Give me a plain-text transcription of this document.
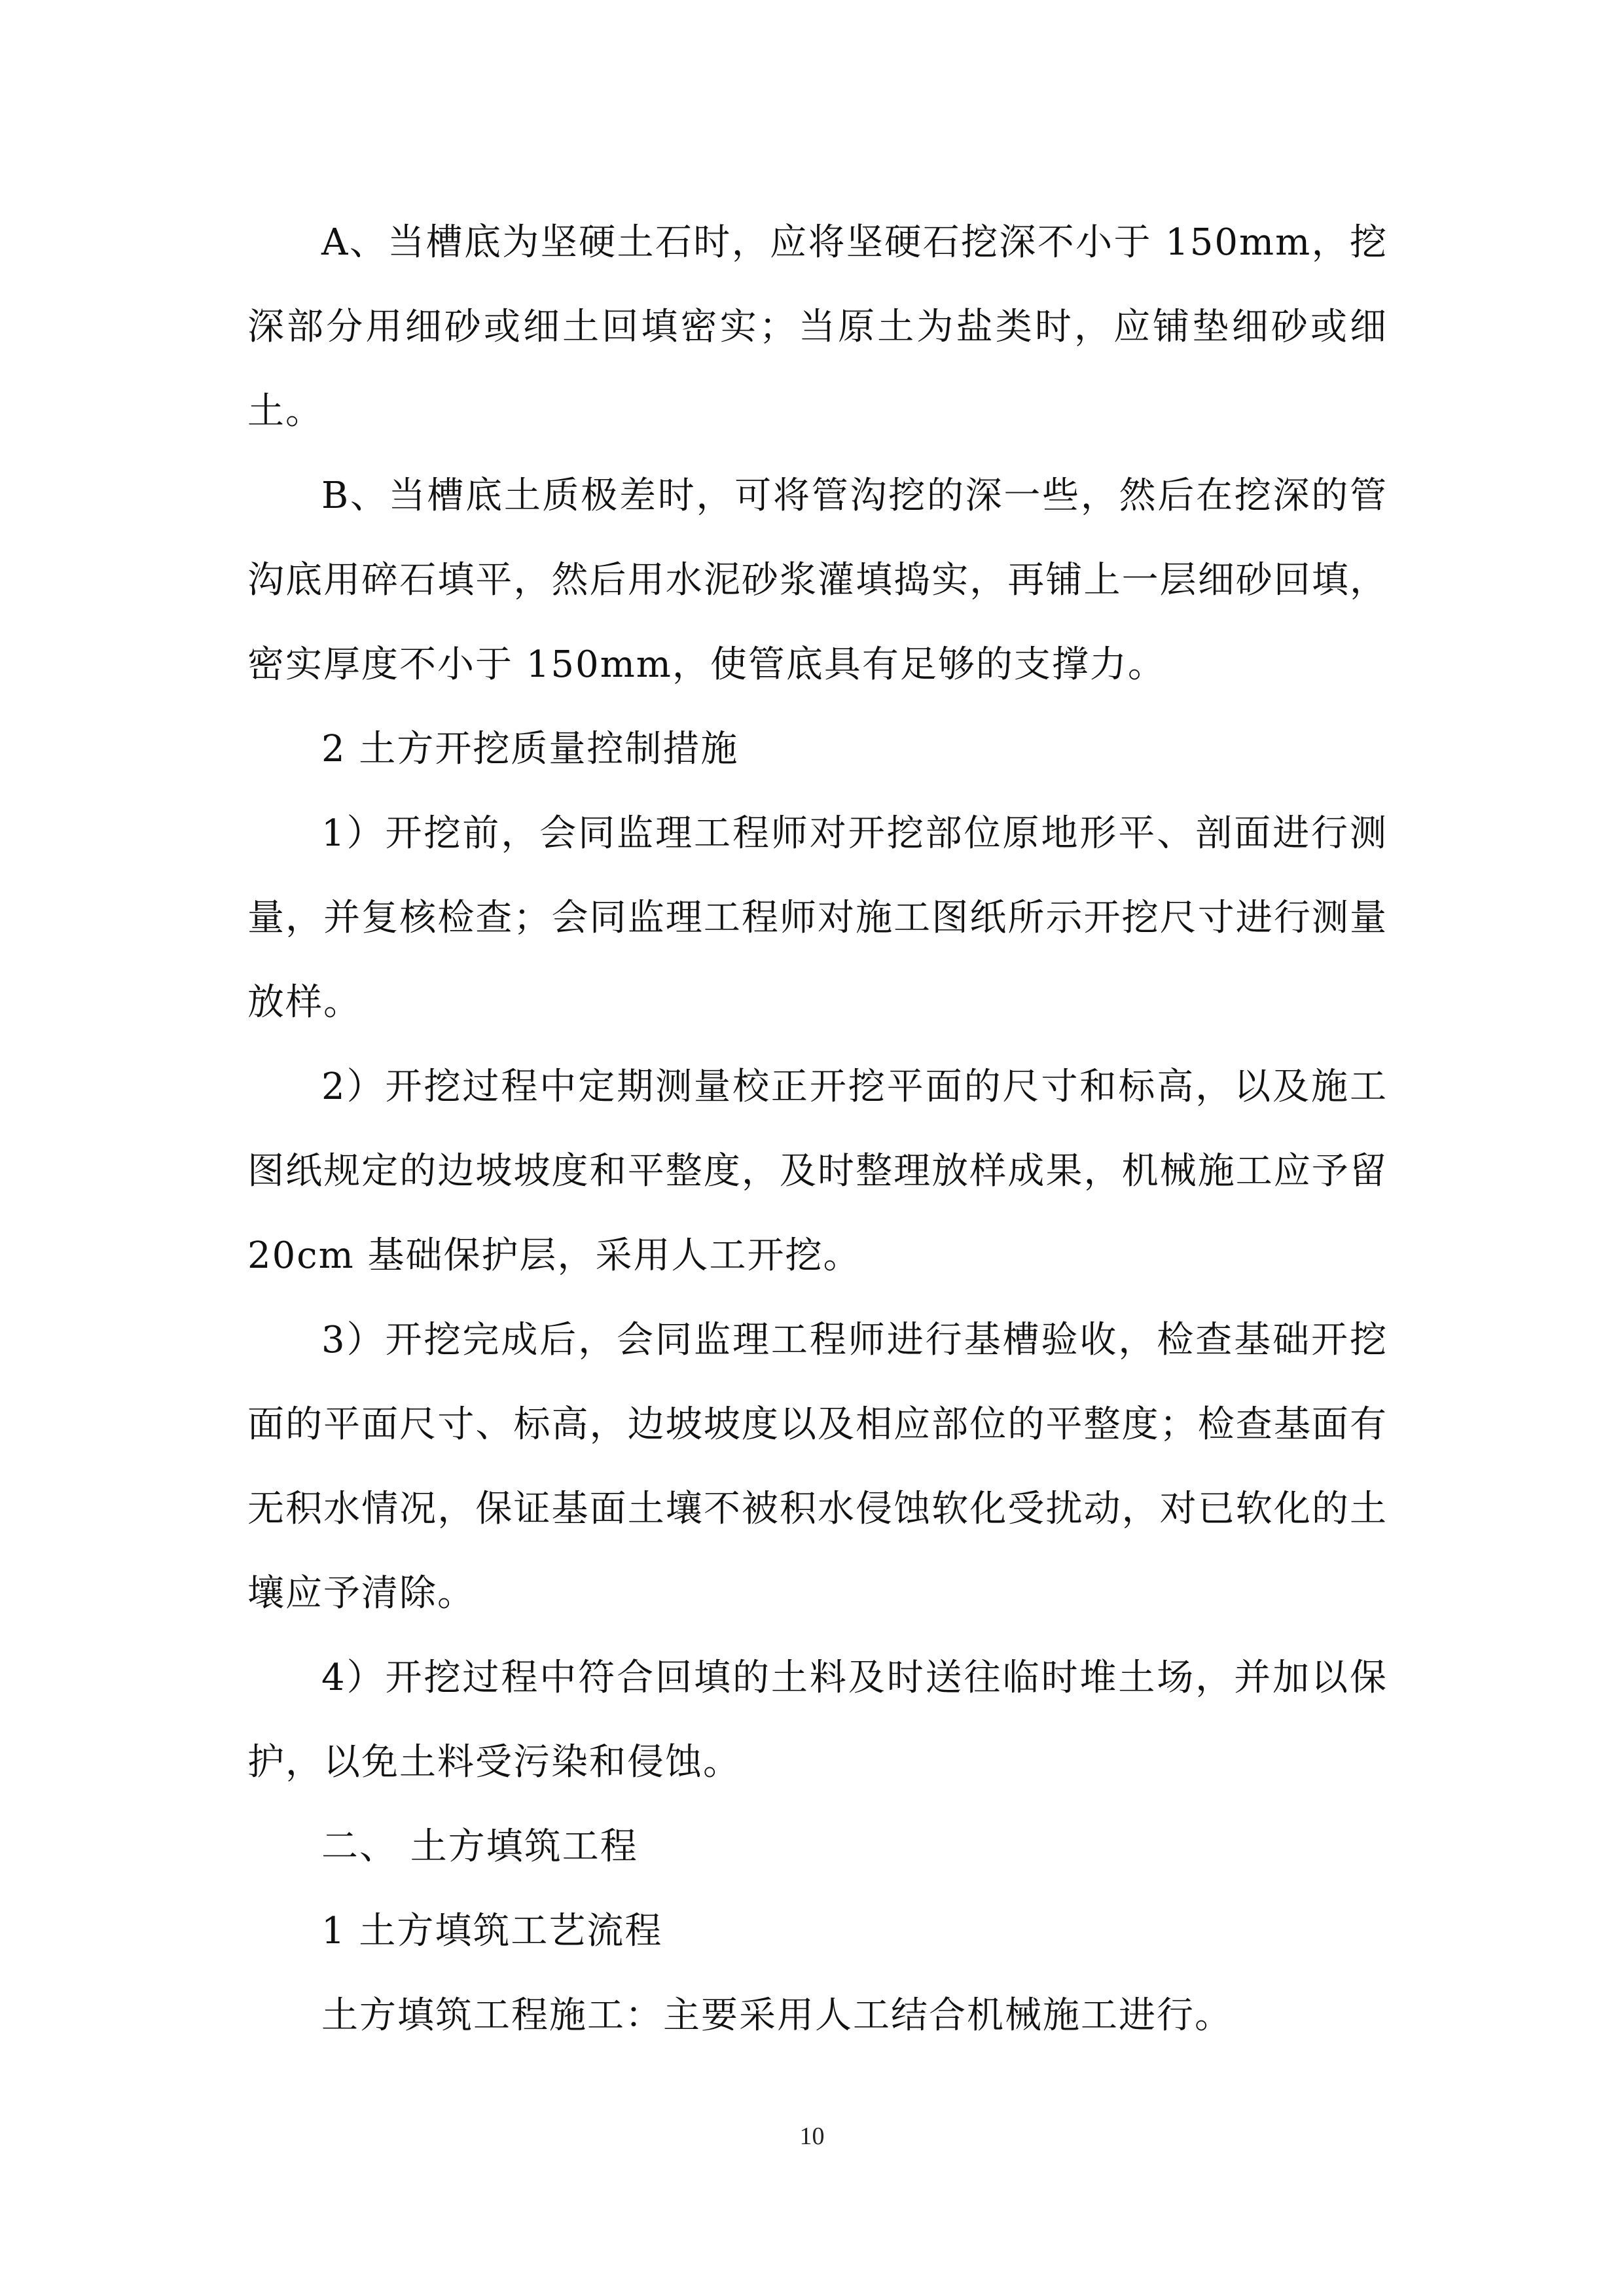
A、当槽底为坚硬土石时，应将坚硬石挖深不小于 150mm，挖深部分用细砂或细土回填密实；当原土为盐类时，应铺垫细砂或细土。

B、当槽底土质极差时，可将管沟挖的深一些，然后在挖深的管沟底用碎石填平，然后用水泥砂浆灌填捣实，再铺上一层细砂回填，密实厚度不小于 150mm，使管底具有足够的支撑力。

2 土方开挖质量控制措施

1）开挖前，会同监理工程师对开挖部位原地形平、剖面进行测量，并复核检查；会同监理工程师对施工图纸所示开挖尺寸进行测量放样。

2）开挖过程中定期测量校正开挖平面的尺寸和标高，以及施工图纸规定的边坡坡度和平整度，及时整理放样成果，机械施工应予留 20cm 基础保护层，采用人工开挖。

3）开挖完成后，会同监理工程师进行基槽验收，检查基础开挖面的平面尺寸、标高，边坡坡度以及相应部位的平整度；检查基面有无积水情况，保证基面土壤不被积水侵蚀软化受扰动，对已软化的土壤应予清除。

4）开挖过程中符合回填的土料及时送往临时堆土场，并加以保护，以免土料受污染和侵蚀。

二、 土方填筑工程

1 土方填筑工艺流程

土方填筑工程施工：主要采用人工结合机械施工进行。

10
